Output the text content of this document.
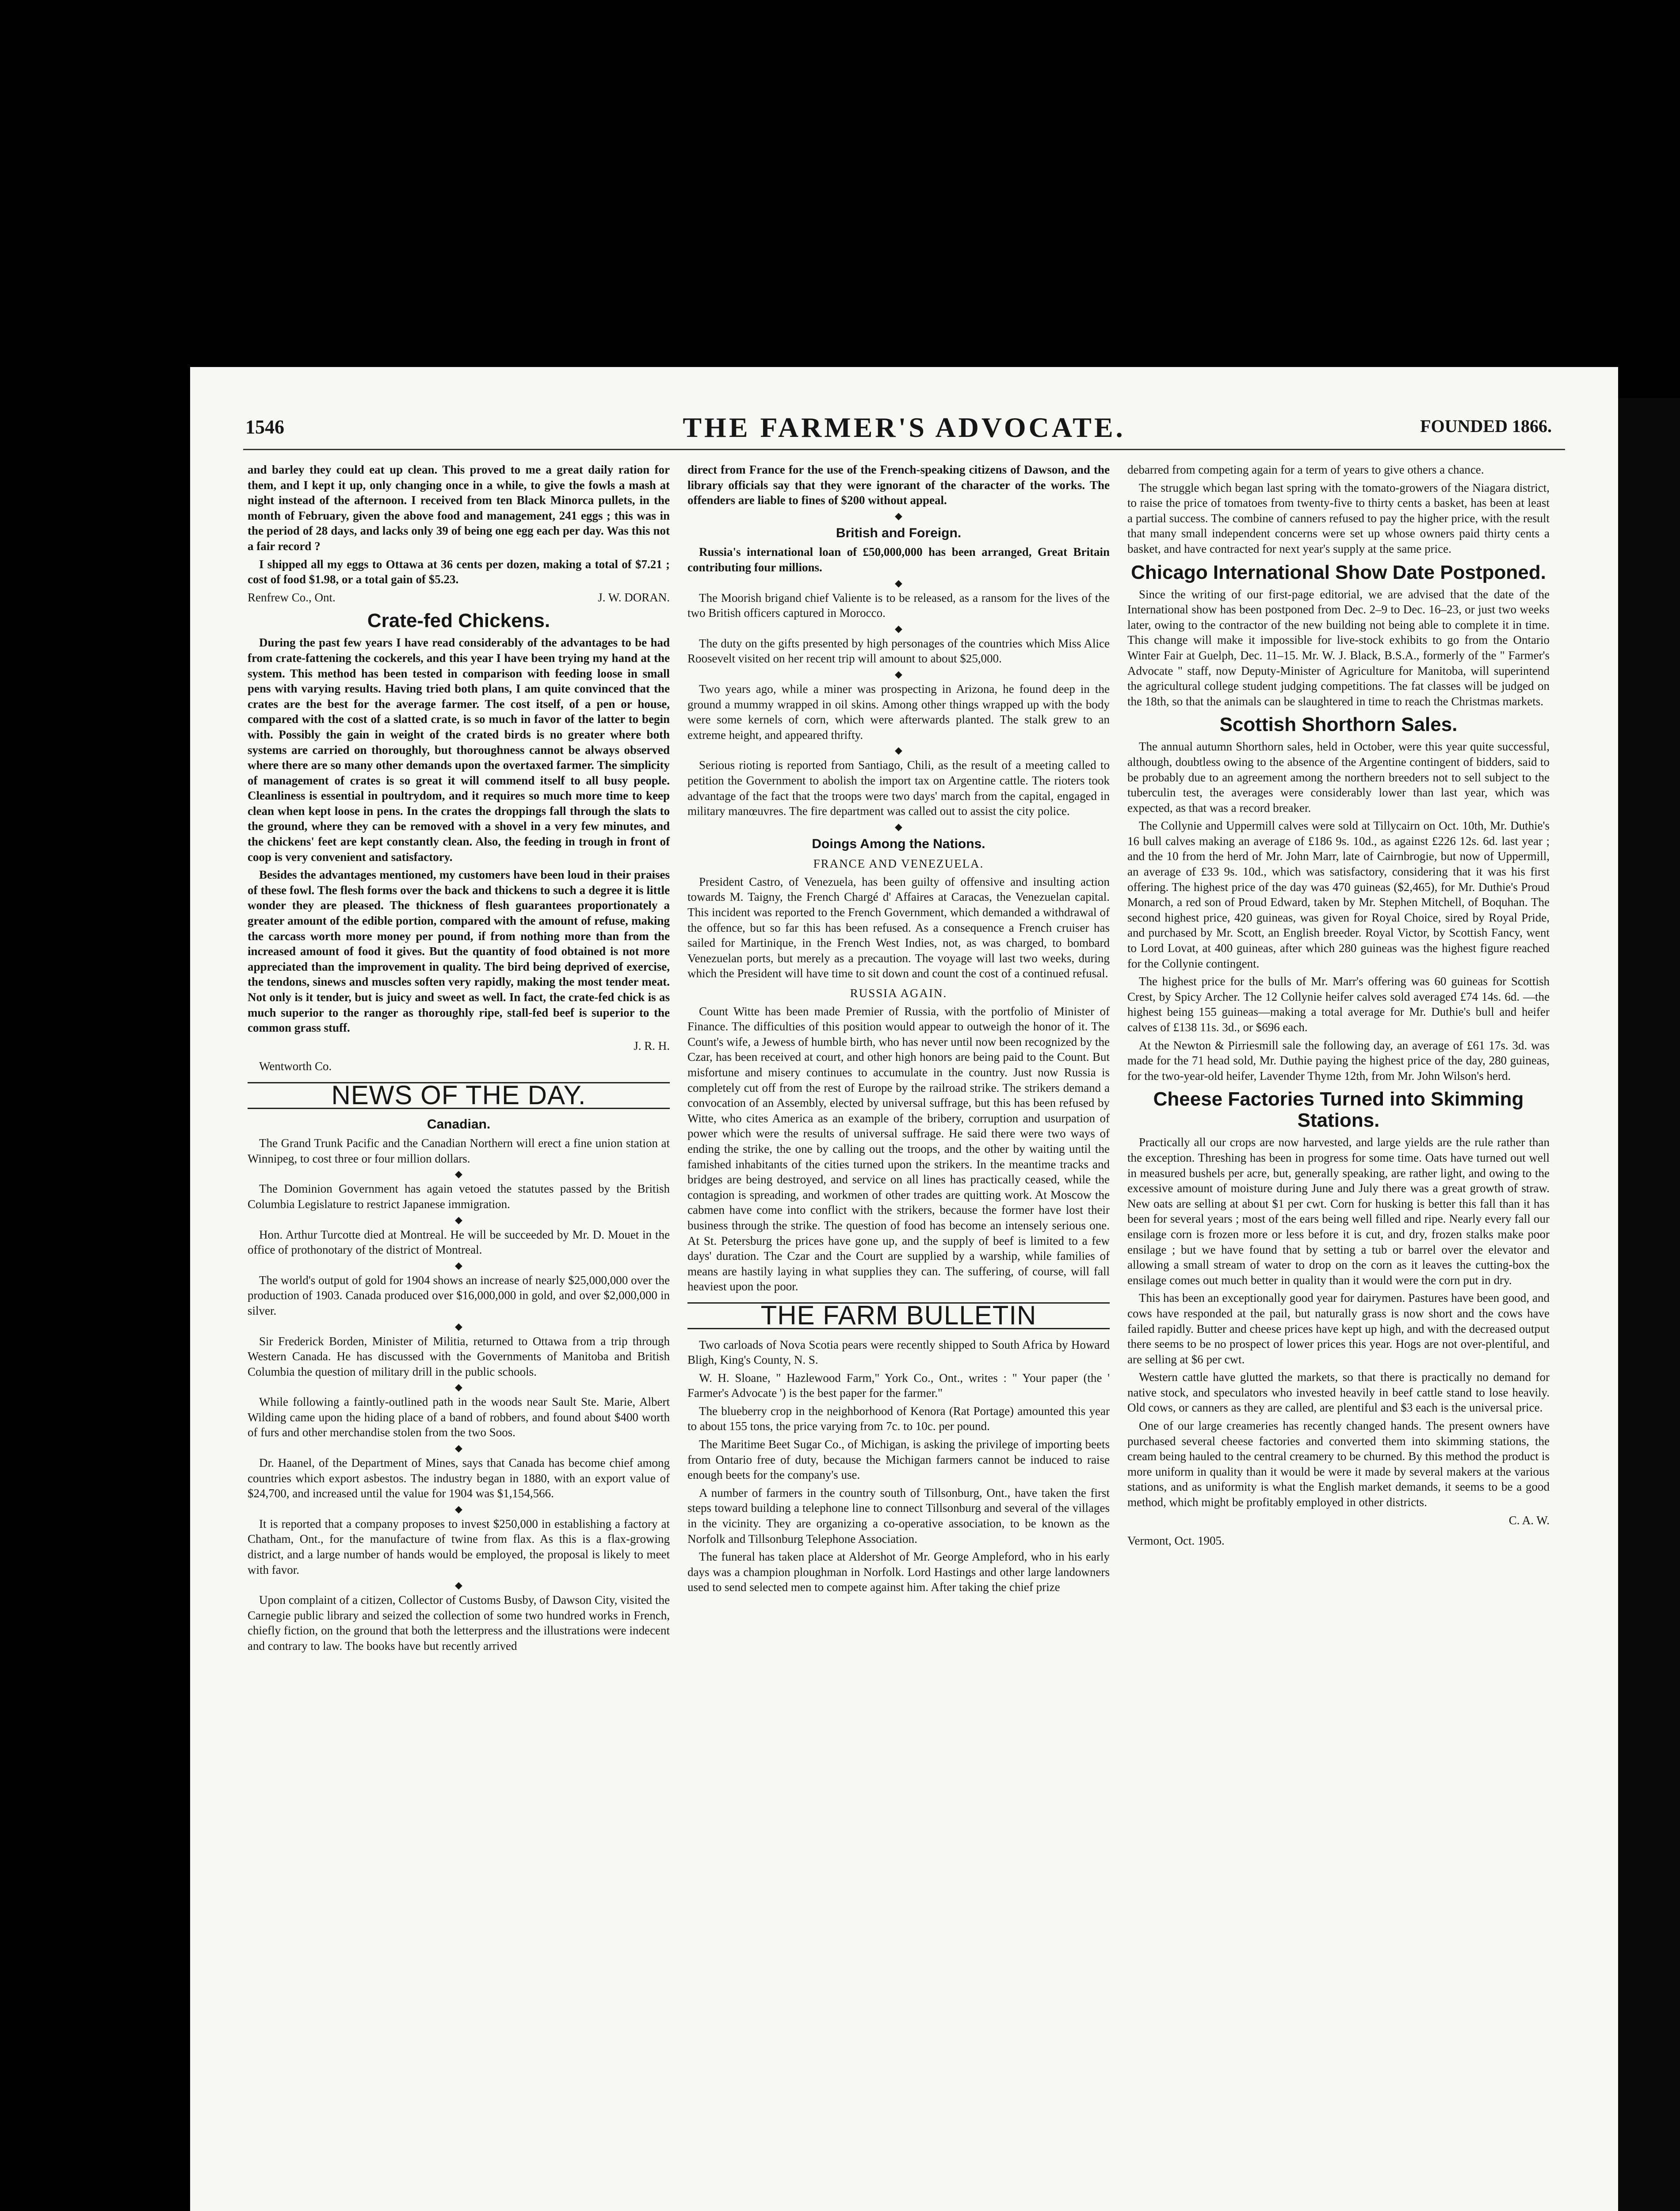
1546	THE FARMER'S ADVOCATE.	FOUNDED 1866.

and barley they could eat up clean. This proved to me a great daily ration for them, and I kept it up, only changing once in a while, to give the fowls a mash at night instead of the afternoon. I received from ten Black Minorca pullets, in the month of February, given the above food and management, 241 eggs ; this was in the period of 28 days, and lacks only 39 of being one egg each per day. Was this not a fair record ?

I shipped all my eggs to Ottawa at 36 cents per dozen, making a total of $7.21 ; cost of food $1.98, or a total gain of $5.23.

Renfrew Co., Ont.	J. W. DORAN.
Crate-fed Chickens.

During the past few years I have read considerably of the advantages to be had from crate-fattening the cockerels, and this year I have been trying my hand at the system. This method has been tested in comparison with feeding loose in small pens with varying results. Having tried both plans, I am quite convinced that the crates are the best for the average farmer. The cost itself, of a pen or house, compared with the cost of a slatted crate, is so much in favor of the latter to begin with. Possibly the gain in weight of the crated birds is no greater where both systems are carried on thoroughly, but thoroughness cannot be always observed where there are so many other demands upon the overtaxed farmer. The simplicity of management of crates is so great it will commend itself to all busy people. Cleanliness is essential in poultrydom, and it requires so much more time to keep clean when kept loose in pens. In the crates the droppings fall through the slats to the ground, where they can be removed with a shovel in a very few minutes, and the chickens' feet are kept constantly clean. Also, the feeding in trough in front of coop is very convenient and satisfactory.

Besides the advantages mentioned, my customers have been loud in their praises of these fowl. The flesh forms over the back and thickens to such a degree it is little wonder they are pleased. The thickness of flesh guarantees proportionately a greater amount of the edible portion, compared with the amount of refuse, making the carcass worth more money per pound, if from nothing more than from the increased amount of food it gives. But the quantity of food obtained is not more appreciated than the improvement in quality. The bird being deprived of exercise, the tendons, sinews and muscles soften very rapidly, making the most tender meat. Not only is it tender, but is juicy and sweet as well. In fact, the crate-fed chick is as much superior to the ranger as thoroughly ripe, stall-fed beef is superior to the common grass stuff.

J. R. H.

Wentworth Co.

NEWS OF THE DAY.
Canadian.

The Grand Trunk Pacific and the Canadian Northern will erect a fine union station at Winnipeg, to cost three or four million dollars.

◆

The Dominion Government has again vetoed the statutes passed by the British Columbia Legislature to restrict Japanese immigration.

◆

Hon. Arthur Turcotte died at Montreal. He will be succeeded by Mr. D. Mouet in the office of prothonotary of the district of Montreal.

◆

The world's output of gold for 1904 shows an increase of nearly $25,000,000 over the production of 1903. Canada produced over $16,000,000 in gold, and over $2,000,000 in silver.

◆

Sir Frederick Borden, Minister of Militia, returned to Ottawa from a trip through Western Canada. He has discussed with the Governments of Manitoba and British Columbia the question of military drill in the public schools.

◆

While following a faintly-outlined path in the woods near Sault Ste. Marie, Albert Wilding came upon the hiding place of a band of robbers, and found about $400 worth of furs and other merchandise stolen from the two Soos.

◆

Dr. Haanel, of the Department of Mines, says that Canada has become chief among countries which export asbestos. The industry began in 1880, with an export value of $24,700, and increased until the value for 1904 was $1,154,566.

◆

It is reported that a company proposes to invest $250,000 in establishing a factory at Chatham, Ont., for the manufacture of twine from flax. As this is a flax-growing district, and a large number of hands would be employed, the proposal is likely to meet with favor.

◆

Upon complaint of a citizen, Collector of Customs Busby, of Dawson City, visited the Carnegie public library and seized the collection of some two hundred works in French, chiefly fiction, on the ground that both the letterpress and the illustrations were indecent and contrary to law. The books have but recently arrived

direct from France for the use of the French-speaking citizens of Dawson, and the library officials say that they were ignorant of the character of the works. The offenders are liable to fines of $200 without appeal.

◆
British and Foreign.

Russia's international loan of £50,000,000 has been arranged, Great Britain contributing four millions.

◆

The Moorish brigand chief Valiente is to be released, as a ransom for the lives of the two British officers captured in Morocco.

◆

The duty on the gifts presented by high personages of the countries which Miss Alice Roosevelt visited on her recent trip will amount to about $25,000.

◆

Two years ago, while a miner was prospecting in Arizona, he found deep in the ground a mummy wrapped in oil skins. Among other things wrapped up with the body were some kernels of corn, which were afterwards planted. The stalk grew to an extreme height, and appeared thrifty.

◆

Serious rioting is reported from Santiago, Chili, as the result of a meeting called to petition the Government to abolish the import tax on Argentine cattle. The rioters took advantage of the fact that the troops were two days' march from the capital, engaged in military manœuvres. The fire department was called out to assist the city police.

◆
Doings Among the Nations.
FRANCE AND VENEZUELA.

President Castro, of Venezuela, has been guilty of offensive and insulting action towards M. Taigny, the French Chargé d' Affaires at Caracas, the Venezuelan capital. This incident was reported to the French Government, which demanded a withdrawal of the offence, but so far this has been refused. As a consequence a French cruiser has sailed for Martinique, in the French West Indies, not, as was charged, to bombard Venezuelan ports, but merely as a precaution. The voyage will last two weeks, during which the President will have time to sit down and count the cost of a continued refusal.

RUSSIA AGAIN.

Count Witte has been made Premier of Russia, with the portfolio of Minister of Finance. The difficulties of this position would appear to outweigh the honor of it. The Count's wife, a Jewess of humble birth, who has never until now been recognized by the Czar, has been received at court, and other high honors are being paid to the Count. But misfortune and misery continues to accumulate in the country. Just now Russia is completely cut off from the rest of Europe by the railroad strike. The strikers demand a convocation of an Assembly, elected by universal suffrage, but this has been refused by Witte, who cites America as an example of the bribery, corruption and usurpation of power which were the results of universal suffrage. He said there were two ways of ending the strike, the one by calling out the troops, and the other by waiting until the famished inhabitants of the cities turned upon the strikers. In the meantime tracks and bridges are being destroyed, and service on all lines has practically ceased, while the contagion is spreading, and workmen of other trades are quitting work. At Moscow the cabmen have come into conflict with the strikers, because the former have lost their business through the strike. The question of food has become an intensely serious one. At St. Petersburg the prices have gone up, and the supply of beef is limited to a few days' duration. The Czar and the Court are supplied by a warship, while families of means are hastily laying in what supplies they can. The suffering, of course, will fall heaviest upon the poor.

THE FARM BULLETIN

Two carloads of Nova Scotia pears were recently shipped to South Africa by Howard Bligh, King's County, N. S.

W. H. Sloane, " Hazlewood Farm," York Co., Ont., writes : " Your paper (the ' Farmer's Advocate ') is the best paper for the farmer."

The blueberry crop in the neighborhood of Kenora (Rat Portage) amounted this year to about 155 tons, the price varying from 7c. to 10c. per pound.

The Maritime Beet Sugar Co., of Michigan, is asking the privilege of importing beets from Ontario free of duty, because the Michigan farmers cannot be induced to raise enough beets for the company's use.

A number of farmers in the country south of Tillsonburg, Ont., have taken the first steps toward building a telephone line to connect Tillsonburg and several of the villages in the vicinity. They are organizing a co-operative association, to be known as the Norfolk and Tillsonburg Telephone Association.

The funeral has taken place at Aldershot of Mr. George Ampleford, who in his early days was a champion ploughman in Norfolk. Lord Hastings and other large landowners used to send selected men to compete against him. After taking the chief prize

debarred from competing again for a term of years to give others a chance.

The struggle which began last spring with the tomato-growers of the Niagara district, to raise the price of tomatoes from twenty-five to thirty cents a basket, has been at least a partial success. The combine of canners refused to pay the higher price, with the result that many small independent concerns were set up whose owners paid thirty cents a basket, and have contracted for next year's supply at the same price.

Chicago International Show Date Postponed.

Since the writing of our first-page editorial, we are advised that the date of the International show has been postponed from Dec. 2–9 to Dec. 16–23, or just two weeks later, owing to the contractor of the new building not being able to complete it in time. This change will make it impossible for live-stock exhibits to go from the Ontario Winter Fair at Guelph, Dec. 11–15. Mr. W. J. Black, B.S.A., formerly of the " Farmer's Advocate " staff, now Deputy-Minister of Agriculture for Manitoba, will superintend the agricultural college student judging competitions. The fat classes will be judged on the 18th, so that the animals can be slaughtered in time to reach the Christmas markets.

Scottish Shorthorn Sales.

The annual autumn Shorthorn sales, held in October, were this year quite successful, although, doubtless owing to the absence of the Argentine contingent of bidders, said to be probably due to an agreement among the northern breeders not to sell subject to the tuberculin test, the averages were considerably lower than last year, which was expected, as that was a record breaker.

The Collynie and Uppermill calves were sold at Tillycairn on Oct. 10th, Mr. Duthie's 16 bull calves making an average of £186 9s. 10d., as against £226 12s. 6d. last year ; and the 10 from the herd of Mr. John Marr, late of Cairnbrogie, but now of Uppermill, an average of £33 9s. 10d., which was satisfactory, considering that it was his first offering. The highest price of the day was 470 guineas ($2,465), for Mr. Duthie's Proud Monarch, a red son of Proud Edward, taken by Mr. Stephen Mitchell, of Boquhan. The second highest price, 420 guineas, was given for Royal Choice, sired by Royal Pride, and purchased by Mr. Scott, an English breeder. Royal Victor, by Scottish Fancy, went to Lord Lovat, at 400 guineas, after which 280 guineas was the highest figure reached for the Collynie contingent.

The highest price for the bulls of Mr. Marr's offering was 60 guineas for Scottish Crest, by Spicy Archer. The 12 Collynie heifer calves sold averaged £74 14s. 6d. —the highest being 155 guineas—making a total average for Mr. Duthie's bull and heifer calves of £138 11s. 3d., or $696 each.

At the Newton & Pirriesmill sale the following day, an average of £61 17s. 3d. was made for the 71 head sold, Mr. Duthie paying the highest price of the day, 280 guineas, for the two-year-old heifer, Lavender Thyme 12th, from Mr. John Wilson's herd.

Cheese Factories Turned into Skimming Stations.

Practically all our crops are now harvested, and large yields are the rule rather than the exception. Threshing has been in progress for some time. Oats have turned out well in measured bushels per acre, but, generally speaking, are rather light, and owing to the excessive amount of moisture during June and July there was a great growth of straw. New oats are selling at about $1 per cwt. Corn for husking is better this fall than it has been for several years ; most of the ears being well filled and ripe. Nearly every fall our ensilage corn is frozen more or less before it is cut, and dry, frozen stalks make poor ensilage ; but we have found that by setting a tub or barrel over the elevator and allowing a small stream of water to drop on the corn as it leaves the cutting-box the ensilage comes out much better in quality than it would were the corn put in dry.

This has been an exceptionally good year for dairymen. Pastures have been good, and cows have responded at the pail, but naturally grass is now short and the cows have failed rapidly. Butter and cheese prices have kept up high, and with the decreased output there seems to be no prospect of lower prices this year. Hogs are not over-plentiful, and are selling at $6 per cwt.

Western cattle have glutted the markets, so that there is practically no demand for native stock, and speculators who invested heavily in beef cattle stand to lose heavily. Old cows, or canners as they are called, are plentiful and $3 each is the universal price.

One of our large creameries has recently changed hands. The present owners have purchased several cheese factories and converted them into skimming stations, the cream being hauled to the central creamery to be churned. By this method the product is more uniform in quality than it would be were it made by several makers at the various stations, and as uniformity is what the English market demands, it seems to be a good method, which might be profitably employed in other districts.

C. A. W.

Vermont, Oct. 1905.
